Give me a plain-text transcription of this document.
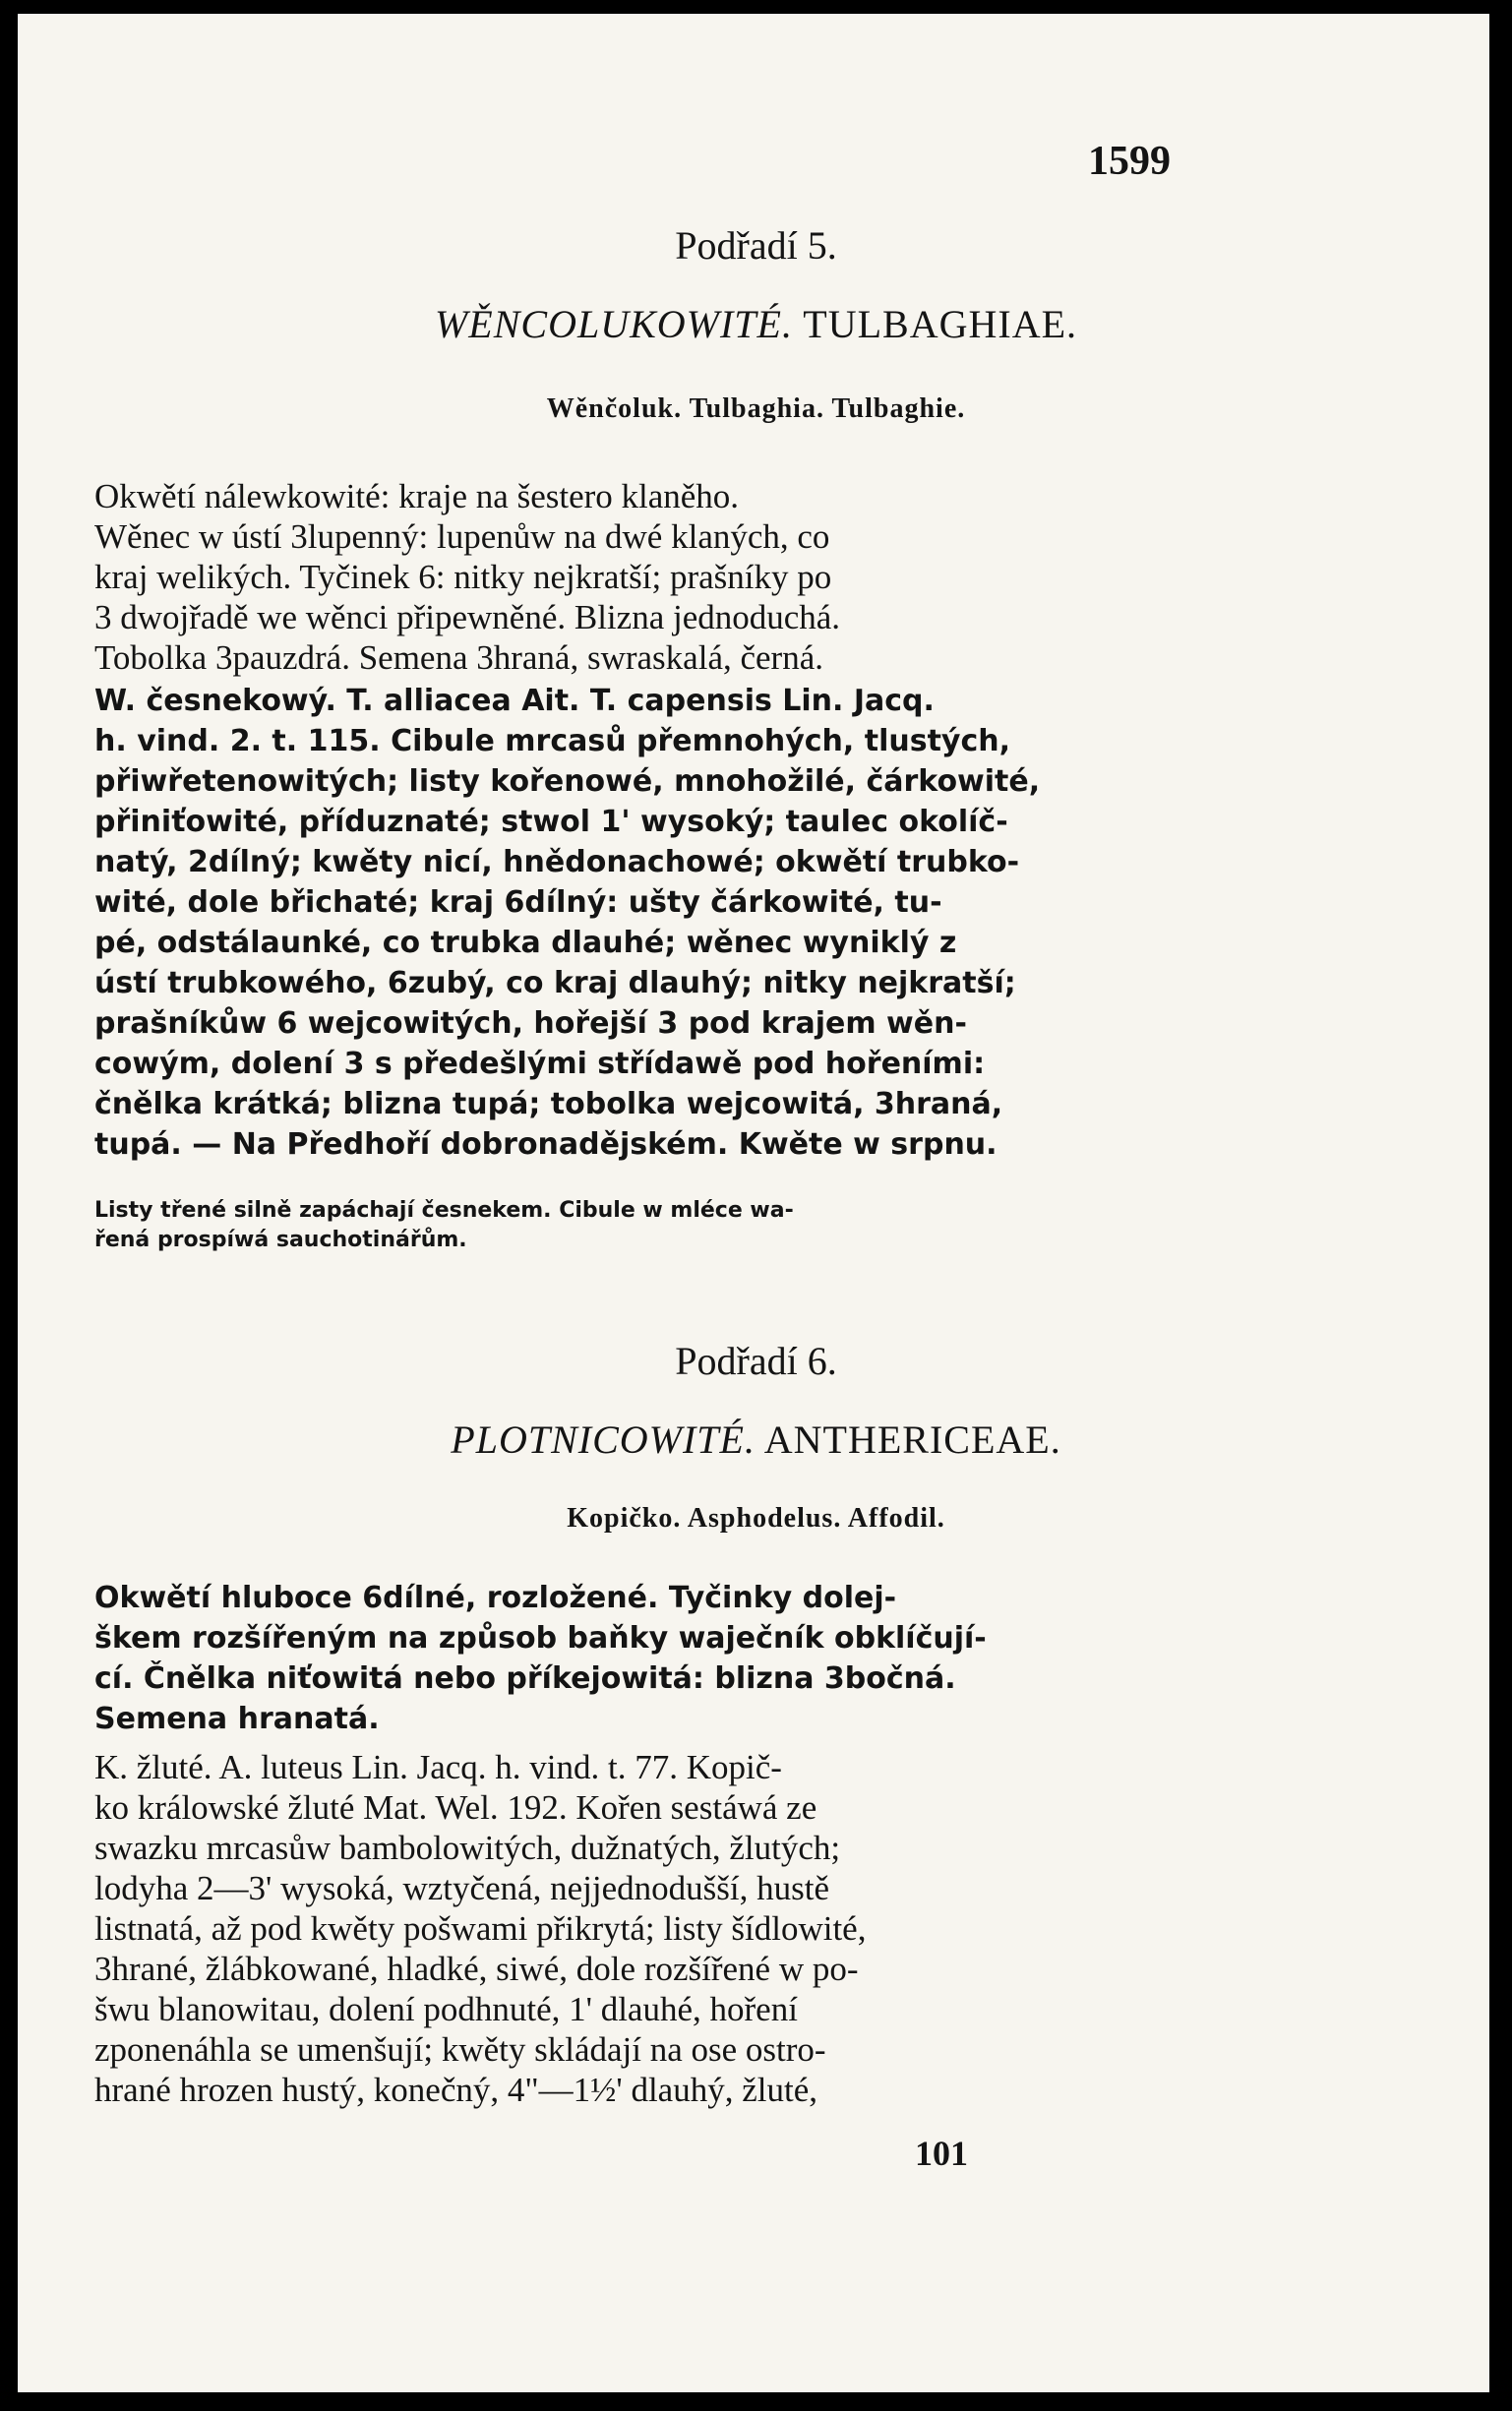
1599
Podřadí 5.
WĚNCOLUKOWITÉ. TULBAGHIAE.
Wěnčoluk. Tulbaghia. Tulbaghie.
Okwětí nálewkowité: kraje na šestero klaněho.
Wěnec w ústí 3lupenný: lupenůw na dwé klaných, co
kraj welikých. Tyčinek 6: nitky nejkratší; prašníky po
3 dwojřadě we wěnci připewněné. Blizna jednoduchá.
Tobolka 3pauzdrá. Semena 3hraná, swraskalá, černá.
W. česnekowý. T. alliacea Ait. T. capensis Lin. Jacq.
h. vind. 2. t. 115. Cibule mrcasů přemnohých, tlustých,
přiwřetenowitých; listy kořenowé, mnohožilé, čárkowité,
přiniťowité, příduznaté; stwol 1' wysoký; taulec okolíč-
natý, 2dílný; kwěty nicí, hnědonachowé; okwětí trubko-
wité, dole břichaté; kraj 6dílný: ušty čárkowité, tu-
pé, odstálaunké, co trubka dlauhé; wěnec wyniklý z
ústí trubkowého, 6zubý, co kraj dlauhý; nitky nejkratší;
prašníkůw 6 wejcowitých, hořejší 3 pod krajem wěn-
cowým, dolení 3 s předešlými střídawě pod hořeními:
čnělka krátká; blizna tupá; tobolka wejcowitá, 3hraná,
tupá. — Na Předhoří dobronadějském. Kwěte w srpnu.
Listy třené silně zapáchají česnekem. Cibule w mléce wa-
řená prospíwá sauchotinářům.
Podřadí 6.
PLOTNICOWITÉ. ANTHERICEAE.
Kopičko. Asphodelus. Affodil.
Okwětí hluboce 6dílné, rozložené. Tyčinky dolej-
škem rozšířeným na způsob baňky waječník obklíčují-
cí. Čnělka niťowitá nebo příkejowitá: blizna 3bočná.
Semena hranatá.
K. žluté. A. luteus Lin. Jacq. h. vind. t. 77. Kopič-
ko králowské žluté Mat. Wel. 192. Kořen sestáwá ze
swazku mrcasůw bambolowitých, dužnatých, žlutých;
lodyha 2—3' wysoká, wztyčená, nejjednodušší, hustě
listnatá, až pod kwěty pošwami přikrytá; listy šídlowité,
3hrané, žlábkowané, hladké, siwé, dole rozšířené w po-
šwu blanowitau, dolení podhnuté, 1' dlauhé, hoření
zponenáhla se umenšují; kwěty skládají na ose ostro-
hrané hrozen hustý, konečný, 4"—1½' dlauhý, žluté,
101
